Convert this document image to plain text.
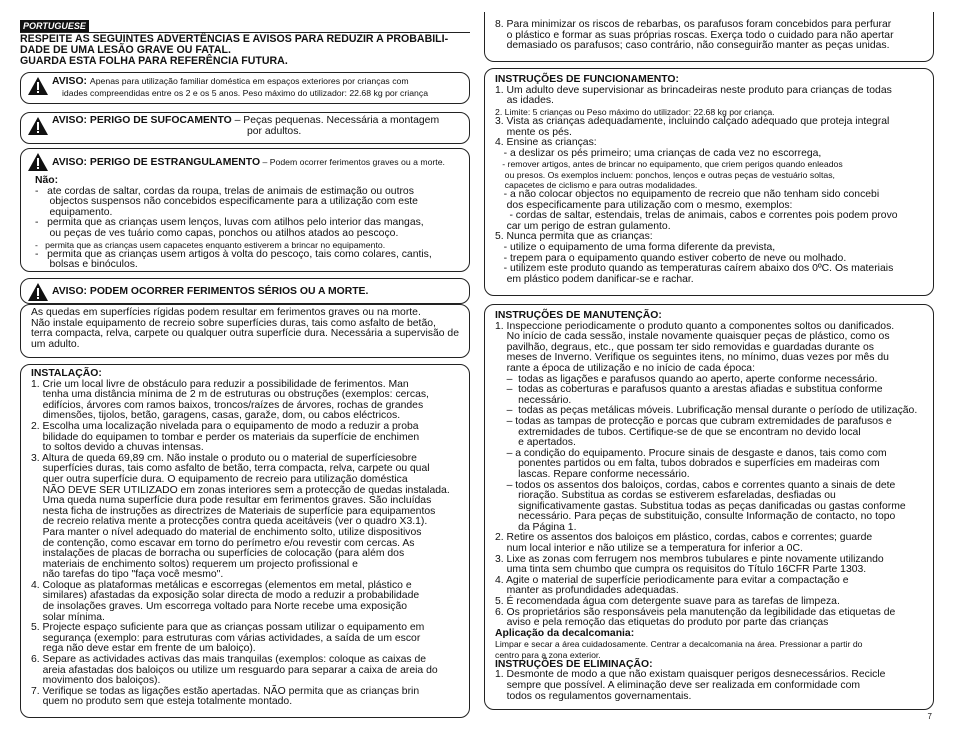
PORTUGUESE
RESPEITE AS SEGUINTES ADVERTÊNCIAS E AVISOS PARA REDUZIR A PROBABILI-
DADE DE UMA LESÃO GRAVE OU FATAL.
GUARDA ESTA FOLHA PARA REFERÊNCIA FUTURA.
AVISO: Apenas para utilização familiar doméstica em espaços exteriores por crianças com
idades compreendidas entre os 2 e os 5 anos. Peso máximo do utilizador: 22.68 kg por criança
AVISO: PERIGO DE SUFOCAMENTO – Peças pequenas. Necessária a montagem
por adultos.
AVISO: PERIGO DE ESTRANGULAMENTO – Podem ocorrer ferimentos graves ou a morte.
Não:
-   ate cordas de saltar, cordas da roupa, trelas de animais de estimação ou outros
objectos suspensos não concebidos especificamente para a utilização com este
equipamento.
-   permita que as crianças usem lenços, luvas com atilhos pelo interior das mangas,
ou peças de ves tuário como capas, ponchos ou atilhos atados ao pescoço.
-   permita que as crianças usem capacetes enquanto estiverem a brincar no equipamento.
-   permita que as crianças usem artigos à volta do pescoço, tais como colares, cantis,
bolsas e binóculos.
AVISO: PODEM OCORRER FERIMENTOS SÉRIOS OU A MORTE.
As quedas em superfícies rígidas podem resultar em ferimentos graves ou na morte.
Não instale equipamento de recreio sobre superfícies duras, tais como asfalto de betão,
terra compacta, relva, carpete ou qualquer outra superfície dura. Necessária a supervisão de
um adulto.
INSTALAÇÃO:
1. Crie um local livre de obstáculo para reduzir a possibilidade de ferimentos. Man
tenha uma distância mínima de 2 m de estruturas ou obstruções (exemplos: cercas,
edifícios, árvores com ramos baixos, troncos/raízes de árvores, rochas de grandes
dimensões, tijolos, betão, garagens, casas, garaže, dom, ou cabos eléctricos.
2. Escolha uma localização nivelada para o equipamento de modo a reduzir a proba
bilidade do equipamen to tombar e perder os materiais da superfície de enchimen
to soltos devido a chuvas intensas.
3. Altura de queda 69,89 cm. Não instale o produto ou o material de superfíciesobre
superfícies duras, tais como asfalto de betão, terra compacta, relva, carpete ou qual
quer outra superfície dura. O equipamento de recreio para utilização doméstica
NÃO DEVE SER UTILIZADO em zonas interiores sem a protecção de quedas instalada.
Uma queda numa superfície dura pode resultar em ferimentos graves. São incluídas
nesta ficha de instruções as directrizes de Materiais de superfície para equipamentos
de recreio relativa mente a protecções contra queda aceitáveis (ver o quadro X3.1).
Para manter o nível adequado do material de enchimento solto, utilize dispositivos
de contenção, como escavar em torno do perímetro e/ou revestir com cercas. As
instalações de placas de borracha ou superfícies de colocação (para além dos
materiais de enchimento soltos) requerem um projecto profissional e
não tarefas do tipo "faça você mesmo".
4. Coloque as plataformas metálicas e escorregas (elementos em metal, plástico e
similares) afastadas da exposição solar directa de modo a reduzir a probabilidade
de insolações graves. Um escorrega voltado para Norte recebe uma exposição
solar mínima.
5. Projecte espaço suficiente para que as crianças possam utilizar o equipamento em
segurança (exemplo: para estruturas com várias actividades, a saída de um escor
rega não deve estar em frente de um baloiço).
6. Separe as actividades activas das mais tranquilas (exemplos: coloque as caixas de
areia afastadas dos baloiços ou utilize um resguardo para separar a caixa de areia do
movimento dos baloiços).
7. Verifique se todas as ligações estão apertadas. NÃO permita que as crianças brin
quem no produto sem que esteja totalmente montado.
8. Para minimizar os riscos de rebarbas, os parafusos foram concebidos para perfurar
o plástico e formar as suas próprias roscas. Exerça todo o cuidado para não apertar
demasiado os parafusos; caso contrário, não conseguirão manter as peças unidas.
INSTRUÇÕES DE FUNCIONAMENTO:
1. Um adulto deve supervisionar as brincadeiras neste produto para crianças de todas
as idades.
2. Limite: 5 crianças ou Peso máximo do utilizador: 22.68 kg por criança.
3. Vista as crianças adequadamente, incluindo calçado adequado que proteja integral
mente os pés.
4. Ensine as crianças:
- a deslizar os pés primeiro; uma crianças de cada vez no escorrega,
- remover artigos, antes de brincar no equipamento, que criem perigos quando enleados
ou presos. Os exemplos incluem: ponchos, lenços e outras peças de vestuário soltas,
capacetes de ciclismo e para outras modalidades.
- a não colocar objectos no equipamento de recreio que não tenham sido concebi
dos especificamente para utilização com o mesmo, exemplos:
- cordas de saltar, estendais, trelas de animais, cabos e correntes pois podem provo
car um perigo de estran gulamento.
5. Nunca permita que as crianças:
- utilize o equipamento de uma forma diferente da prevista,
- trepem para o equipamento quando estiver coberto de neve ou molhado.
- utilizem este produto quando as temperaturas caírem abaixo dos 0ºC. Os materiais
em plástico podem danificar-se e rachar.
INSTRUÇÕES DE MANUTENÇÃO:
1. Inspeccione periodicamente o produto quanto a componentes soltos ou danificados.
No início de cada sessão, instale novamente quaisquer peças de plástico, como os
pavilhão, degraus, etc., que possam ter sido removidas e guardadas durante os
meses de Inverno. Verifique os seguintes itens, no mínimo, duas vezes por mês du
rante a época de utilização e no início de cada época:
–  todas as ligações e parafusos quando ao aperto, aperte conforme necessário.
–  todas as coberturas e parafusos quanto a arestas afiadas e substitua conforme
necessário.
–  todas as peças metálicas móveis. Lubrificação mensal durante o período de utilização.
– todas as tampas de protecção e porcas que cubram extremidades de parafusos e
extremidades de tubos. Certifique-se de que se encontram no devido local
e apertados.
– a condição do equipamento. Procure sinais de desgaste e danos, tais como com
ponentes partidos ou em falta, tubos dobrados e superfícies em madeiras com
lascas. Repare conforme necessário.
– todos os assentos dos baloiços, cordas, cabos e correntes quanto a sinais de dete
rioração. Substitua as cordas se estiverem esfareladas, desfiadas ou
significativamente gastas. Substitua todas as peças danificadas ou gastas conforme
necessário. Para peças de substituição, consulte Informação de contacto, no topo
da Página 1.
2. Retire os assentos dos baloiços em plástico, cordas, cabos e correntes; guarde
num local interior e não utilize se a temperatura for inferior a 0C.
3. Lixe as zonas com ferrugem nos membros tubulares e pinte novamente utilizando
uma tinta sem chumbo que cumpra os requisitos do Título 16CFR Parte 1303.
4. Agite o material de superfície periodicamente para evitar a compactação e
manter as profundidades adequadas.
5. É recomendada água com detergente suave para as tarefas de limpeza.
6. Os proprietários são responsáveis pela manutenção da legibilidade das etiquetas de
aviso e pela remoção das etiquetas do produto por parte das crianças
Aplicação da decalcomania:
Limpar e secar a área cuidadosamente. Centrar a decalcomania na área. Pressionar a partir do
centro para a zona exterior.
INSTRUÇÕES DE ELIMINAÇÃO:
1. Desmonte de modo a que não existam quaisquer perigos desnecessários. Recicle
sempre que possível. A eliminação deve ser realizada em conformidade com
todos os regulamentos governamentais.
7
